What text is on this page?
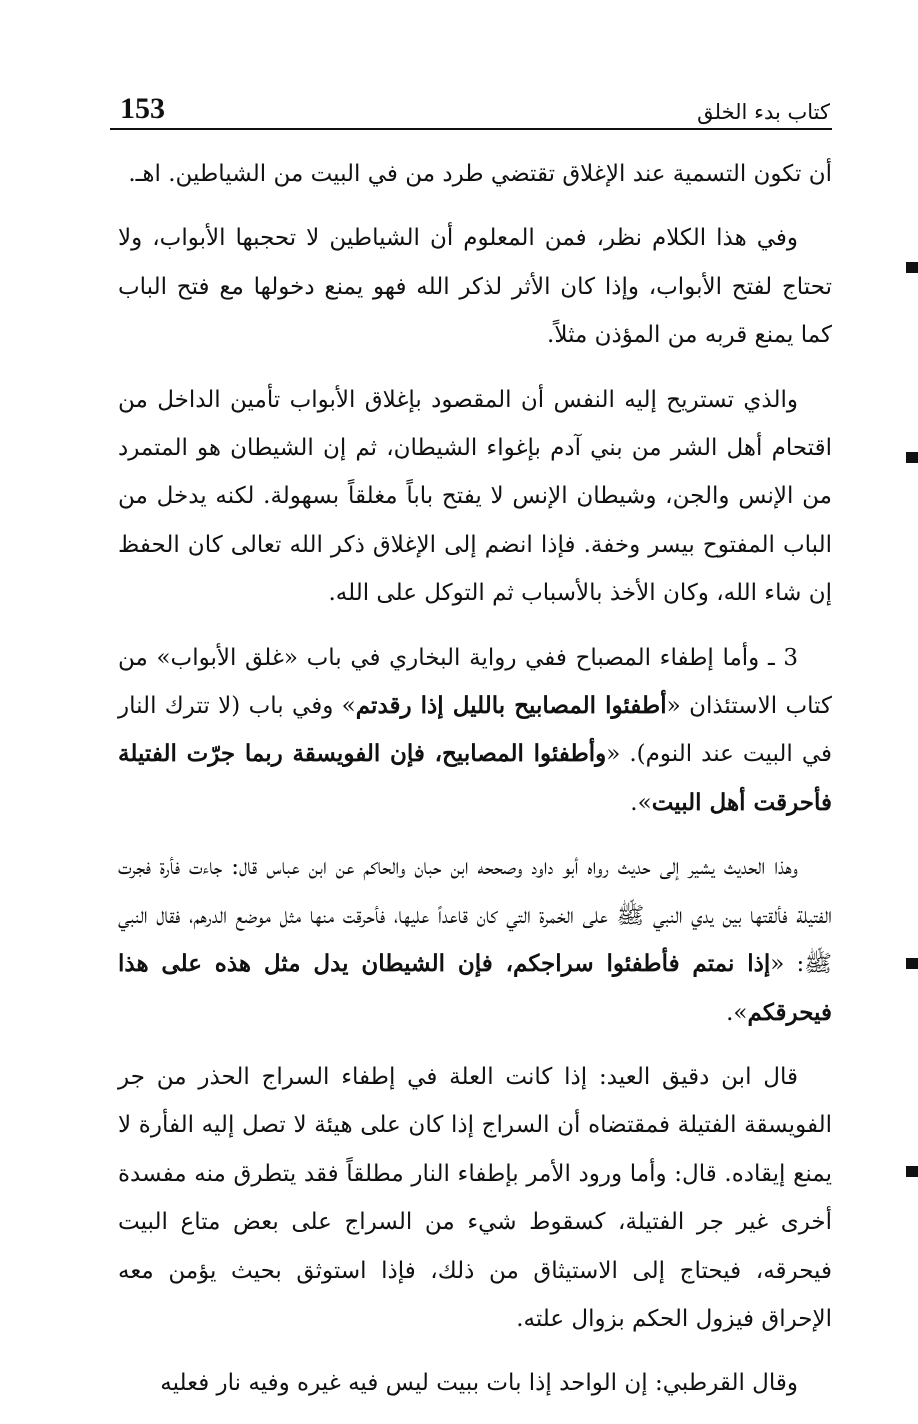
153	كتاب بدء الخلق

أن تكون التسمية عند الإغلاق تقتضي طرد من في البيت من الشياطين. اهـ.

وفي هذا الكلام نظر، فمن المعلوم أن الشياطين لا تحجبها الأبواب، ولا تحتاج لفتح الأبواب، وإذا كان الأثر لذكر الله فهو يمنع دخولها مع فتح الباب كما يمنع قربه من المؤذن مثلاً.

والذي تستريح إليه النفس أن المقصود بإغلاق الأبواب تأمين الداخل من اقتحام أهل الشر من بني آدم بإغواء الشيطان، ثم إن الشيطان هو المتمرد من الإنس والجن، وشيطان الإنس لا يفتح باباً مغلقاً بسهولة. لكنه يدخل من الباب المفتوح بيسر وخفة. فإذا انضم إلى الإغلاق ذكر الله تعالى كان الحفظ إن شاء الله، وكان الأخذ بالأسباب ثم التوكل على الله.

3 ـ وأما إطفاء المصباح ففي رواية البخاري في باب «غلق الأبواب» من كتاب الاستئذان «أطفئوا المصابيح بالليل إذا رقدتم» وفي باب (لا تترك النار في البيت عند النوم). «وأطفئوا المصابيح، فإن الفويسقة ربما جرّت الفتيلة فأحرقت أهل البيت».

وهذا الحديث يشير إلى حديث رواه أبو داود وصححه ابن حبان والحاكم عن ابن عباس قال: جاءت فأرة فجرت الفتيلة فألقتها بين يدي النبي ﷺ على الخمرة التي كان قاعداً عليها، فأحرقت منها مثل موضع الدرهم، فقال النبي ﷺ: «إذا نمتم فأطفئوا سراجكم، فإن الشيطان يدل مثل هذه على هذا فيحرقكم».

قال ابن دقيق العيد: إذا كانت العلة في إطفاء السراج الحذر من جر الفويسقة الفتيلة فمقتضاه أن السراج إذا كان على هيئة لا تصل إليه الفأرة لا يمنع إيقاده. قال: وأما ورود الأمر بإطفاء النار مطلقاً فقد يتطرق منه مفسدة أخرى غير جر الفتيلة، كسقوط شيء من السراج على بعض متاع البيت فيحرقه، فيحتاج إلى الاستيثاق من ذلك، فإذا استوثق بحيث يؤمن معه الإحراق فيزول الحكم بزوال علته.

وقال القرطبي: إن الواحد إذا بات ببيت ليس فيه غيره وفيه نار فعليه
